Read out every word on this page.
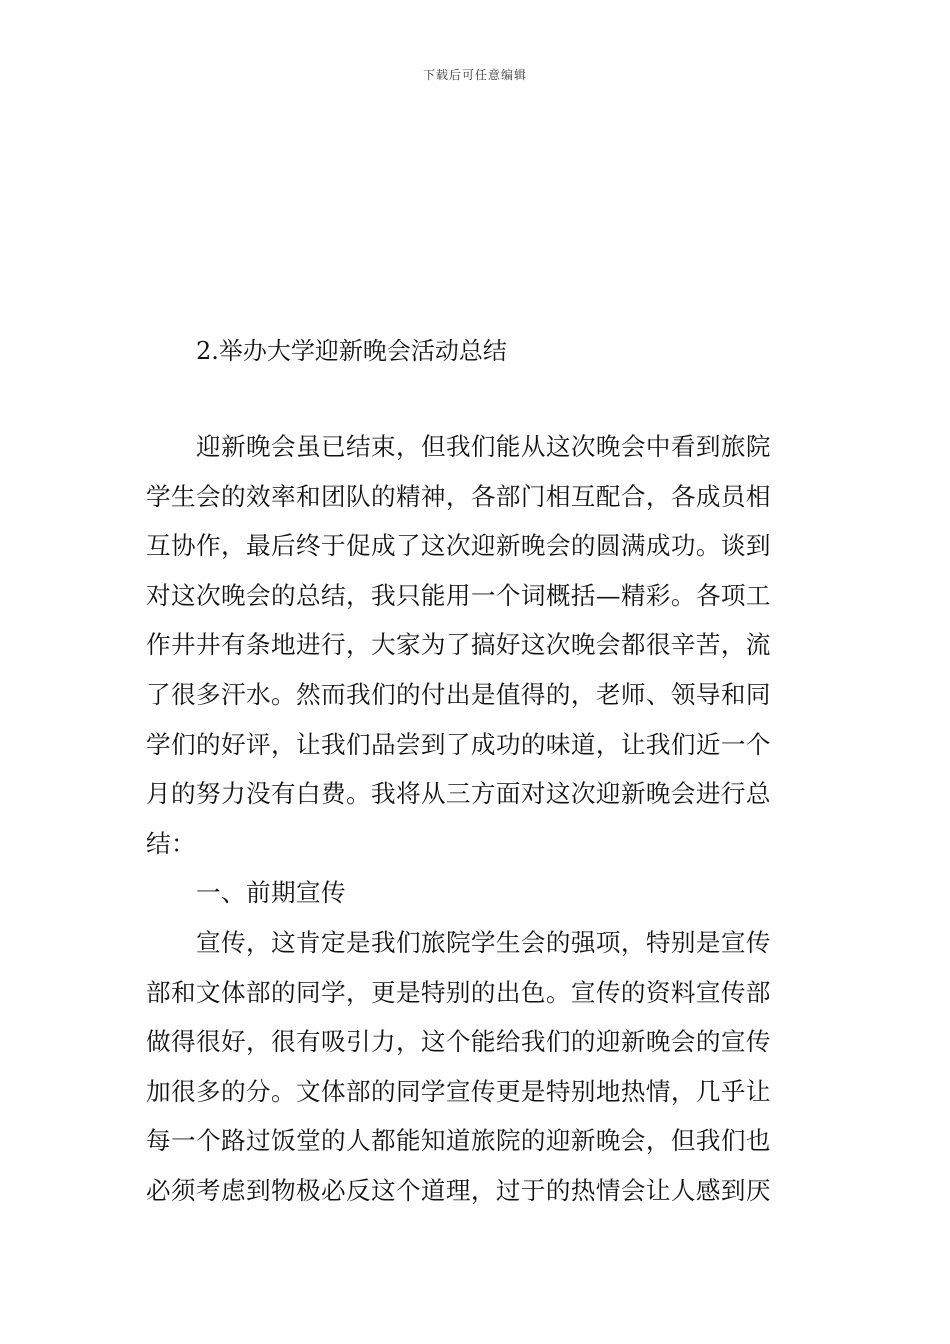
下载后可任意编辑
2.举办大学迎新晚会活动总结
迎新晚会虽已结束，但我们能从这次晚会中看到旅院
学生会的效率和团队的精神，各部门相互配合，各成员相
互协作，最后终于促成了这次迎新晚会的圆满成功。谈到
对这次晚会的总结，我只能用一个词概括—精彩。各项工
作井井有条地进行，大家为了搞好这次晚会都很辛苦，流
了很多汗水。然而我们的付出是值得的，老师、领导和同
学们的好评，让我们品尝到了成功的味道，让我们近一个
月的努力没有白费。我将从三方面对这次迎新晚会进行总
结：
一、前期宣传
宣传，这肯定是我们旅院学生会的强项，特别是宣传
部和文体部的同学，更是特别的出色。宣传的资料宣传部
做得很好，很有吸引力，这个能给我们的迎新晚会的宣传
加很多的分。文体部的同学宣传更是特别地热情，几乎让
每一个路过饭堂的人都能知道旅院的迎新晚会，但我们也
必须考虑到物极必反这个道理，过于的热情会让人感到厌
